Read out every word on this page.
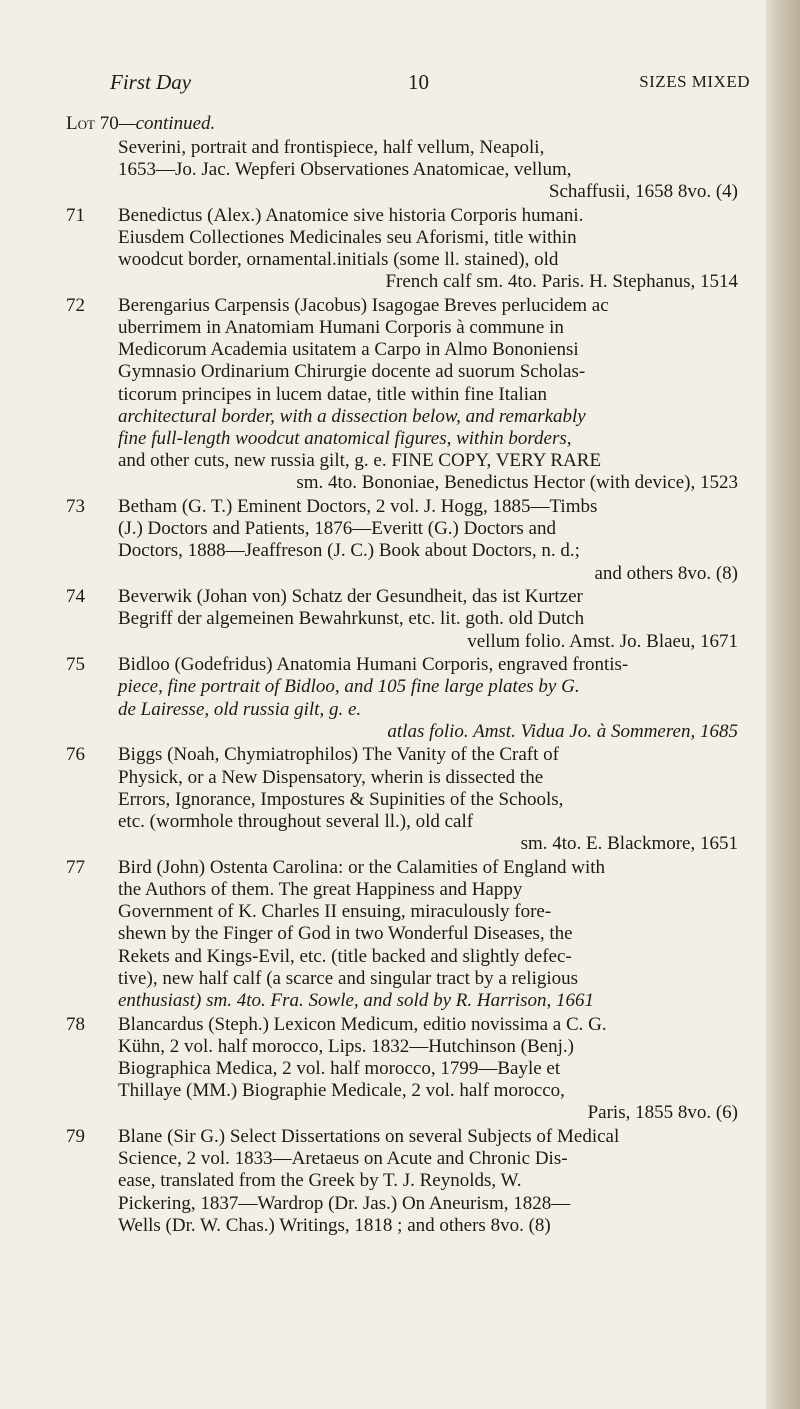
First Day	10	SIZES MIXED
Lot 70—continued.

Severini, portrait and frontispiece, half vellum, Neapoli,
1653—Jo. Jac. Wepferi Observationes Anatomicae, vellum,
Schaffusii, 1658 8vo. (4)
71 Benedictus (Alex.) Anatomice sive historia Corporis humani.
Eiusdem Collectiones Medicinales seu Aforismi, title within
woodcut border, ornamental.initials (some ll. stained), old
French calf sm. 4to. Paris. H. Stephanus, 1514
72 Berengarius Carpensis (Jacobus) Isagogae Breves perlucidem ac
uberrimem in Anatomiam Humani Corporis à commune in
Medicorum Academia usitatem a Carpo in Almo Bononiensi
Gymnasio Ordinarium Chirurgie docente ad suorum Scholas-
ticorum principes in lucem datae, title within fine Italian
architectural border, with a dissection below, and remarkably
fine full-length woodcut anatomical figures, within borders,
and other cuts, new russia gilt, g. e. FINE COPY, VERY RARE
sm. 4to. Bononiae, Benedictus Hector (with device), 1523
73 Betham (G. T.) Eminent Doctors, 2 vol. J. Hogg, 1885—Timbs
(J.) Doctors and Patients, 1876—Everitt (G.) Doctors and
Doctors, 1888—Jeaffreson (J. C.) Book about Doctors, n. d.;
and others 8vo. (8)
74 Beverwik (Johan von) Schatz der Gesundheit, das ist Kurtzer
Begriff der algemeinen Bewahrkunst, etc. lit. goth. old Dutch
vellum folio. Amst. Jo. Blaeu, 1671
75 Bidloo (Godefridus) Anatomia Humani Corporis, engraved frontis-
piece, fine portrait of Bidloo, and 105 fine large plates by G.
de Lairesse, old russia gilt, g. e.
atlas folio. Amst. Vidua Jo. à Sommeren, 1685
76 Biggs (Noah, Chymiatrophilos) The Vanity of the Craft of
Physick, or a New Dispensatory, wherin is dissected the
Errors, Ignorance, Impostures & Supinities of the Schools,
etc. (wormhole throughout several ll.), old calf
sm. 4to. E. Blackmore, 1651
77 Bird (John) Ostenta Carolina: or the Calamities of England with
the Authors of them. The great Happiness and Happy
Government of K. Charles II ensuing, miraculously fore-
shewn by the Finger of God in two Wonderful Diseases, the
Rekets and Kings-Evil, etc. (title backed and slightly defec-
tive), new half calf (a scarce and singular tract by a religious
enthusiast) sm. 4to. Fra. Sowle, and sold by R. Harrison, 1661
78 Blancardus (Steph.) Lexicon Medicum, editio novissima a C. G.
Kühn, 2 vol. half morocco, Lips. 1832—Hutchinson (Benj.)
Biographica Medica, 2 vol. half morocco, 1799—Bayle et
Thillaye (MM.) Biographie Medicale, 2 vol. half morocco,
Paris, 1855 8vo. (6)
79 Blane (Sir G.) Select Dissertations on several Subjects of Medical
Science, 2 vol. 1833—Aretaeus on Acute and Chronic Dis-
ease, translated from the Greek by T. J. Reynolds, W.
Pickering, 1837—Wardrop (Dr. Jas.) On Aneurism, 1828—
Wells (Dr. W. Chas.) Writings, 1818 ; and others 8vo. (8)
